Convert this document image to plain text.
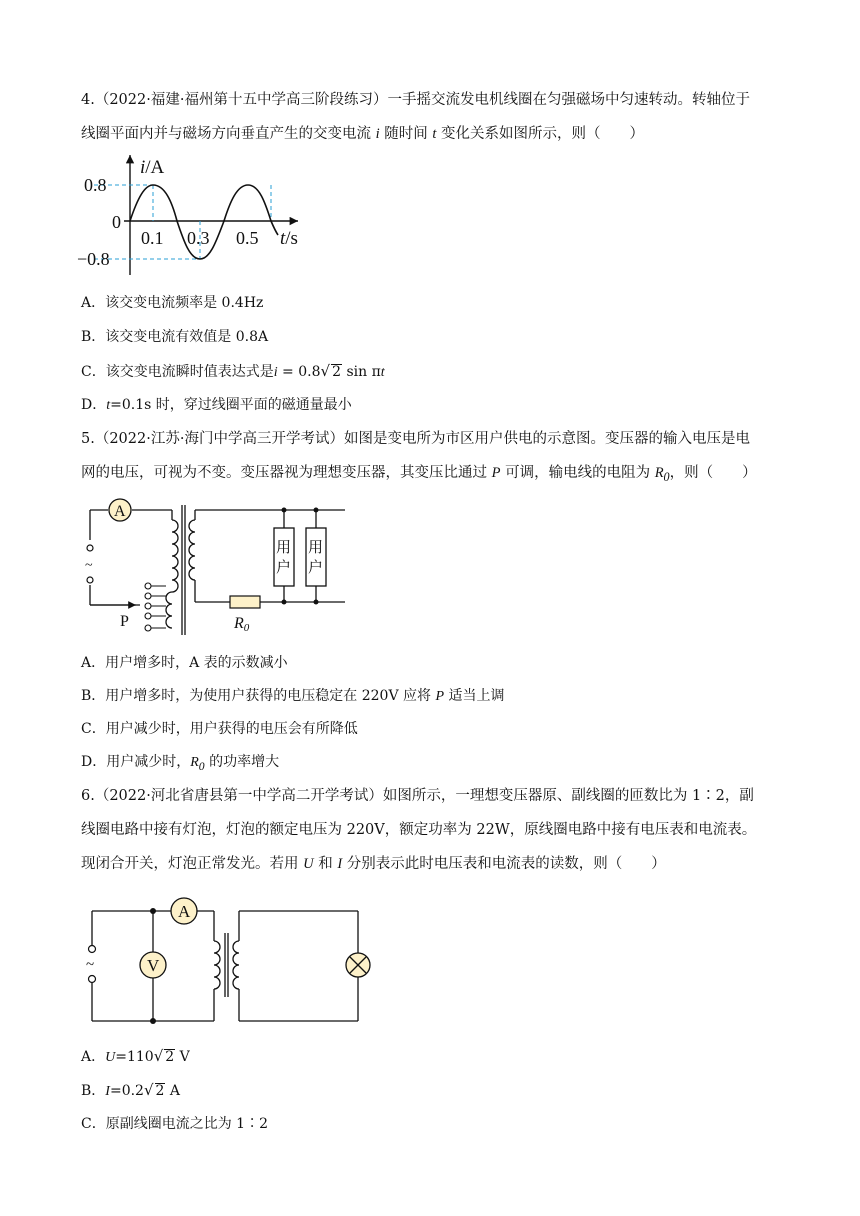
4.（2022·福建·福州第十五中学高三阶段练习）一手摇交流发电机线圈在匀强磁场中匀速转动。转轴位于
线圈平面内并与磁场方向垂直产生的交变电流 i 随时间 t 变化关系如图所示，则（　　）
i/A
0.8
0
−0.8
0.1 0.3 0.5 t/s
A．该交变电流频率是 0.4Hz
B．该交变电流有效值是 0.8A
C．该交变电流瞬时值表达式是i = 0.8√ 2 sin πt
D．t=0.1s 时，穿过线圈平面的磁通量最小
5.（2022·江苏·海门中学高三开学考试）如图是变电所为市区用户供电的示意图。变压器的输入电压是电
网的电压，可视为不变。变压器视为理想变压器，其变压比通过 P 可调，输电线的电阻为 $R_0$，则（　　）
A
~
P	R0
用户
用户
A．用户增多时，A 表的示数减小
B．用户增多时，为使用户获得的电压稳定在 220V 应将 P 适当上调
C．用户减少时，用户获得的电压会有所降低
D．用户减少时，$R_0$ 的功率增大
6.（2022·河北省唐县第一中学高二开学考试）如图所示，一理想变压器原、副线圈的匝数比为 1∶2，副
线圈电路中接有灯泡，灯泡的额定电压为 220V，额定功率为 22W，原线圈电路中接有电压表和电流表。
现闭合开关，灯泡正常发光。若用 U 和 I 分别表示此时电压表和电流表的读数，则（　　）
~
A
V
A．U=110√ 2 V
B．I=0.2√ 2 A
C．原副线圈电流之比为 1∶2
